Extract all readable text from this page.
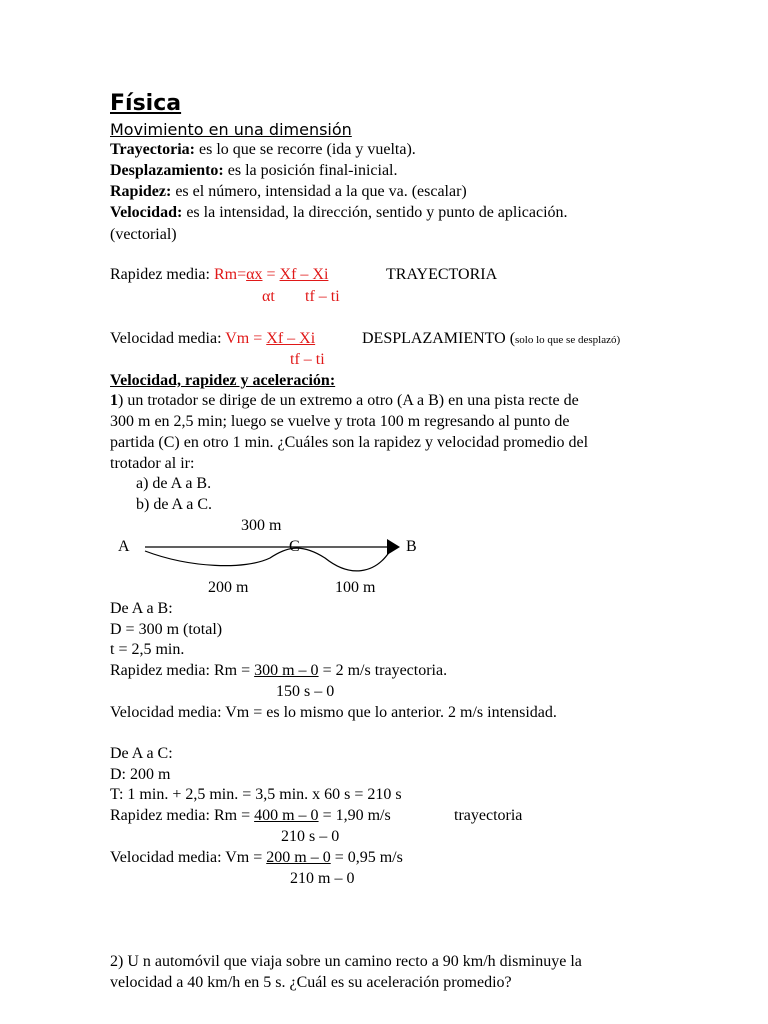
Física
Movimiento en una dimensión
Trayectoria: es lo que se recorre (ida y vuelta).
Desplazamiento: es la posición final-inicial.
Rapidez: es el número, intensidad a la que va. (escalar)
Velocidad: es la intensidad, la dirección, sentido y punto de aplicación.
(vectorial)
Rapidez media: Rm=αx = Xf – Xi	TRAYECTORIA
αt tf – ti
Velocidad media: Vm = Xf – Xi	DESPLAZAMIENTO (solo lo que se desplazó)
tf – ti
Velocidad, rapidez y aceleración:
1) un trotador se dirige de un extremo a otro (A a B) en una pista recte de
300 m en 2,5 min; luego se vuelve y trota 100 m regresando al punto de
partida (C) en otro 1 min. ¿Cuáles son la rapidez y velocidad promedio del
trotador al ir:
a) de A a B.
b) de A a C.
300 m
A	C	B
200 m	100 m
De A a B:
D = 300 m (total)
t = 2,5 min.
Rapidez media: Rm = 300 m – 0 = 2 m/s trayectoria.
150 s – 0
Velocidad media: Vm = es lo mismo que lo anterior. 2 m/s intensidad.
De A a C:
D: 200 m
T: 1 min. + 2,5 min. = 3,5 min. x 60 s = 210 s
Rapidez media: Rm = 400 m – 0 = 1,90 m/s	trayectoria
210 s – 0
Velocidad media: Vm = 200 m – 0 = 0,95 m/s
210 m – 0
2) U n automóvil que viaja sobre un camino recto a 90 km/h disminuye la
velocidad a 40 km/h en 5 s. ¿Cuál es su aceleración promedio?
